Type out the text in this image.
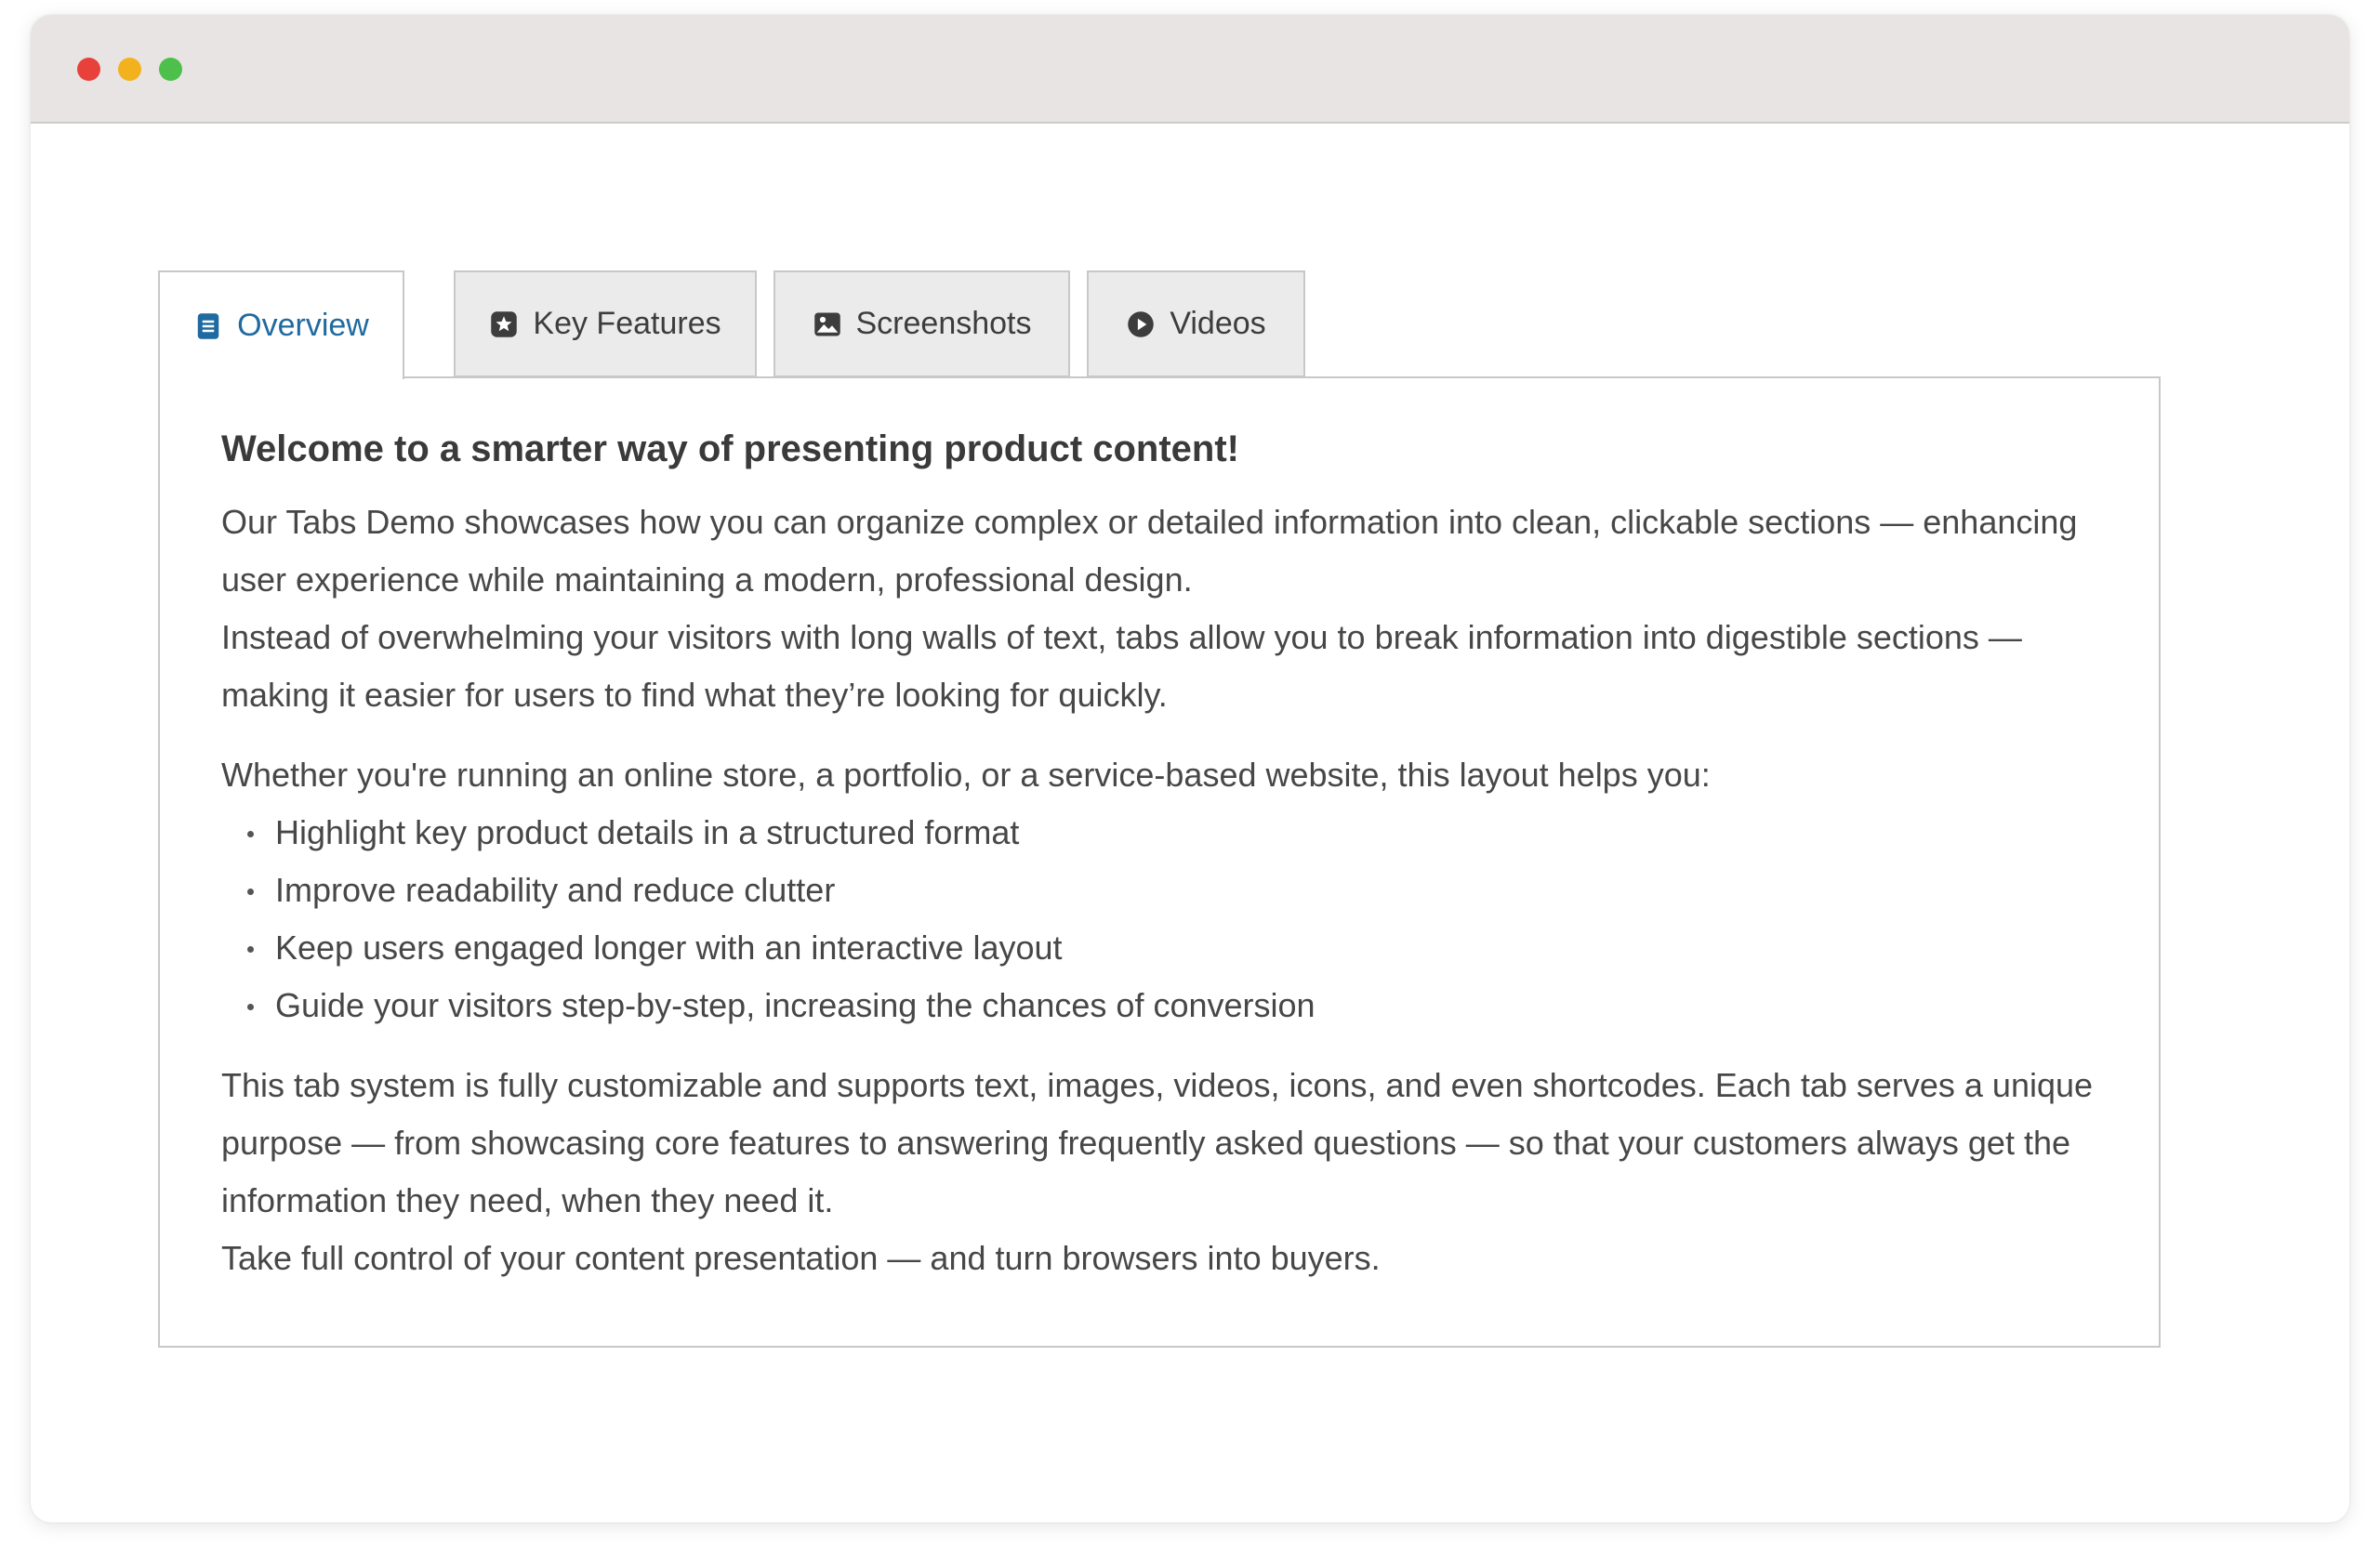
Overview	Key Features	Screenshots	Videos
Welcome to a smarter way of presenting product content!

Our Tabs Demo showcases how you can organize complex or detailed information into clean, clickable sections — enhancing user experience while maintaining a modern, professional design.

Instead of overwhelming your visitors with long walls of text, tabs allow you to break information into digestible sections — making it easier for users to find what they’re looking for quickly.

Whether you're running an online store, a portfolio, or a service-based website, this layout helps you:

Highlight key product details in a structured format
Improve readability and reduce clutter
Keep users engaged longer with an interactive layout
Guide your visitors step-by-step, increasing the chances of conversion

This tab system is fully customizable and supports text, images, videos, icons, and even shortcodes. Each tab serves a unique purpose — from showcasing core features to answering frequently asked questions — so that your customers always get the information they need, when they need it.

Take full control of your content presentation — and turn browsers into buyers.
